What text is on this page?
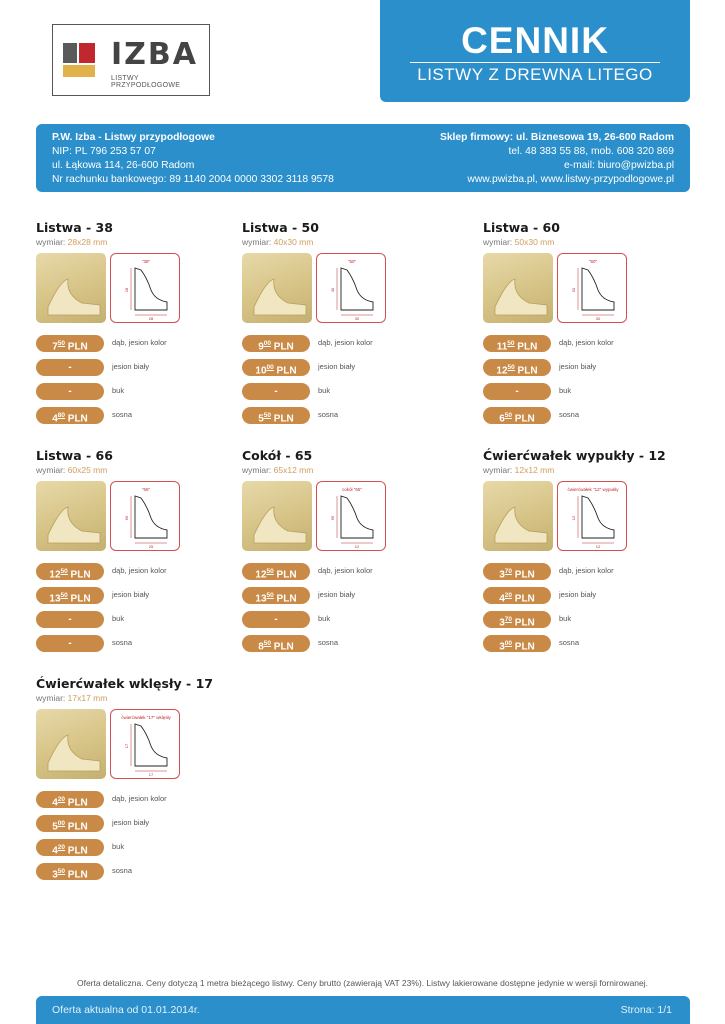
IZBA
LISTWY PRZYPODŁOGOWE
CENNIK
LISTWY Z DREWNA LITEGO
P.W. Izba - Listwy przypodłogowe
NIP: PL 796 253 57 07
ul. Łąkowa 114, 26-600 Radom
Nr rachunku bankowego: 89 1140 2004 0000 3302 3118 9578
Sklep firmowy: ul. Biznesowa 19, 26-600 Radom
tel. 48 383 55 88, mob. 608 320 869
e-mail: biuro@pwizba.pl
www.pwizba.pl, www.listwy-przypodlogowe.pl
Listwa - 38
wymiar: 28x28 mm
"38"
28
28
$7^{50}$ PLN	dąb, jesion kolor
-	jesion biały
-	buk
$4^{80}$ PLN	sosna
Listwa - 50
wymiar: 40x30 mm
"50"
40
30
$9^{00}$ PLN	dąb, jesion kolor
$10^{00}$ PLN	jesion biały
-	buk
$5^{50}$ PLN	sosna
Listwa - 60
wymiar: 50x30 mm
"60"
50
30
$11^{50}$ PLN	dąb, jesion kolor
$12^{50}$ PLN	jesion biały
-	buk
$6^{50}$ PLN	sosna
Listwa - 66
wymiar: 60x25 mm
"66"
60
25
$12^{50}$ PLN	dąb, jesion kolor
$13^{50}$ PLN	jesion biały
-	buk
-	sosna
Cokół - 65
wymiar: 65x12 mm
cokół "65"
65
12
$12^{50}$ PLN	dąb, jesion kolor
$13^{50}$ PLN	jesion biały
-	buk
$8^{50}$ PLN	sosna
Ćwierćwałek wypukły - 12
wymiar: 12x12 mm
ćwierćwałek "12" wypukły
12
12
$3^{70}$ PLN	dąb, jesion kolor
$4^{20}$ PLN	jesion biały
$3^{70}$ PLN	buk
$3^{00}$ PLN	sosna
Ćwierćwałek wklęsły - 17
wymiar: 17x17 mm
ćwierćwałek "17" wklęsły
17
17
$4^{20}$ PLN	dąb, jesion kolor
$5^{00}$ PLN	jesion biały
$4^{20}$ PLN	buk
$3^{50}$ PLN	sosna
Oferta detaliczna. Ceny dotyczą 1 metra bieżącego listwy. Ceny brutto (zawierają VAT 23%). Listwy lakierowane dostępne jedynie w wersji fornirowanej.
Oferta aktualna od 01.01.2014r.	Strona: 1/1
